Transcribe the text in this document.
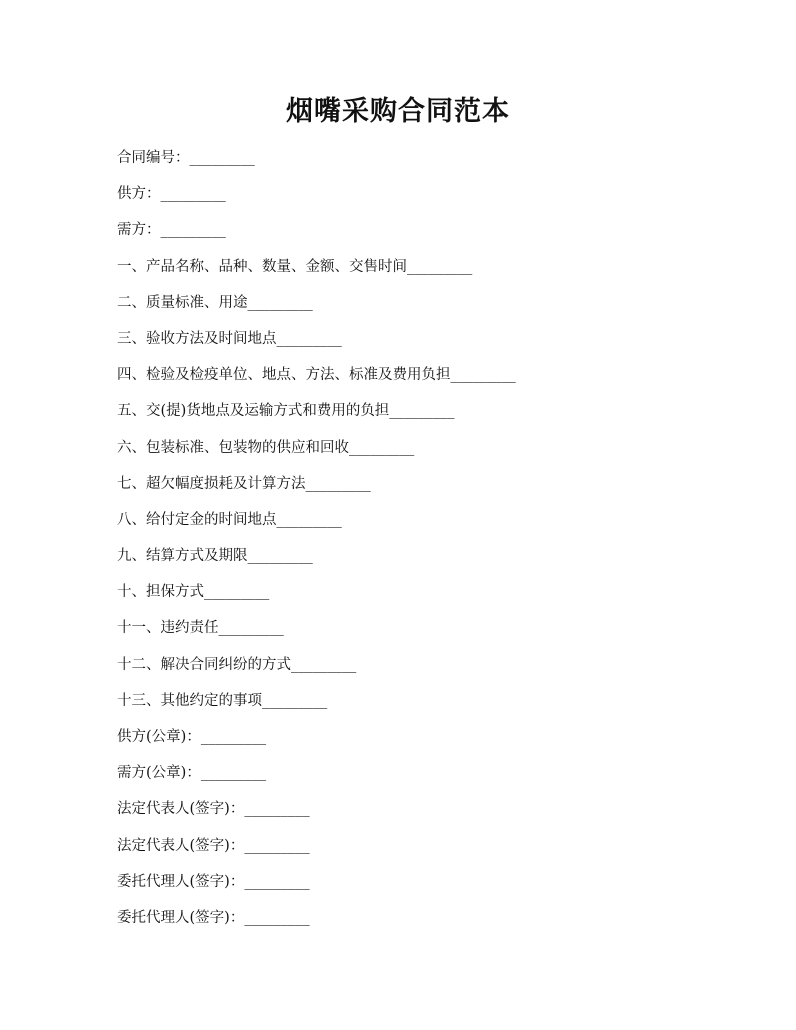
烟嘴采购合同范本
合同编号：_________
供方：_________
需方：_________
一、产品名称、品种、数量、金额、交售时间_________
二、质量标准、用途_________
三、验收方法及时间地点_________
四、检验及检疫单位、地点、方法、标准及费用负担_________
五、交(提)货地点及运输方式和费用的负担_________
六、包装标准、包装物的供应和回收_________
七、超欠幅度损耗及计算方法_________
八、给付定金的时间地点_________
九、结算方式及期限_________
十、担保方式_________
十一、违约责任_________
十二、解决合同纠纷的方式_________
十三、其他约定的事项_________
供方(公章)：_________
需方(公章)：_________
法定代表人(签字)：_________
法定代表人(签字)：_________
委托代理人(签字)：_________
委托代理人(签字)：_________
